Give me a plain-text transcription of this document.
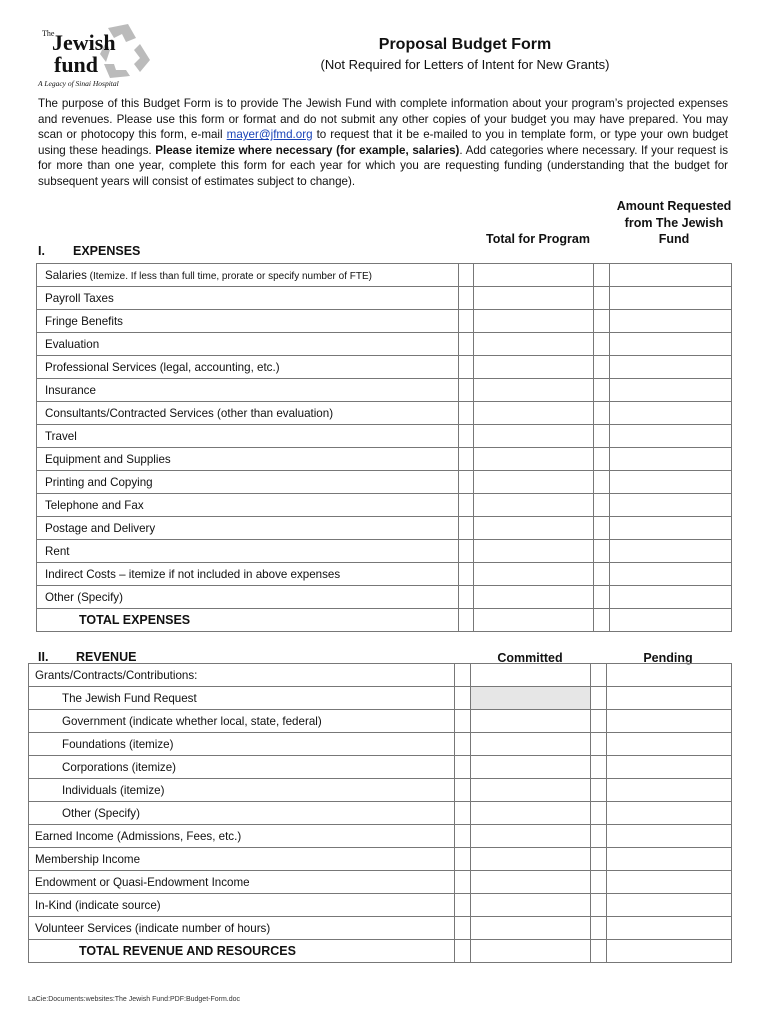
The
Jewish
fund
A Legacy of Sinai Hospital
Proposal Budget Form
(Not Required for Letters of Intent for New Grants)
The purpose of this Budget Form is to provide The Jewish Fund with complete information about your program’s projected expenses and revenues. Please use this form or format and do not submit any other copies of your budget you may have prepared. You may scan or photocopy this form, e-mail mayer@jfmd.org to request that it be e-mailed to you in template form, or type your own budget using these headings. Please itemize where necessary (for example, salaries). Add categories where necessary. If your request is for more than one year, complete this form for each year for which you are requesting funding (understanding that the budget for subsequent years will consist of estimates subject to change).
I. EXPENSES
Total for Program
Amount Requested from The Jewish Fund
Salaries (Itemize. If less than full time, prorate or specify number of FTE)				
Payroll Taxes				
Fringe Benefits				
Evaluation				
Professional Services (legal, accounting, etc.)				
Insurance				
Consultants/Contracted Services (other than evaluation)				
Travel				
Equipment and Supplies				
Printing and Copying				
Telephone and Fax				
Postage and Delivery				
Rent				
Indirect Costs – itemize if not included in above expenses				
Other (Specify)				
TOTAL EXPENSES				
II. REVENUE	Committed	Pending
Grants/Contracts/Contributions:				
The Jewish Fund Request				
Government (indicate whether local, state, federal)				
Foundations (itemize)				
Corporations (itemize)				
Individuals (itemize)				
Other (Specify)				
Earned Income (Admissions, Fees, etc.)				
Membership Income				
Endowment or Quasi-Endowment Income				
In-Kind (indicate source)				
Volunteer Services (indicate number of hours)				
TOTAL REVENUE AND RESOURCES				
LaCie:Documents:websites:The Jewish Fund:PDF:Budget-Form.doc
